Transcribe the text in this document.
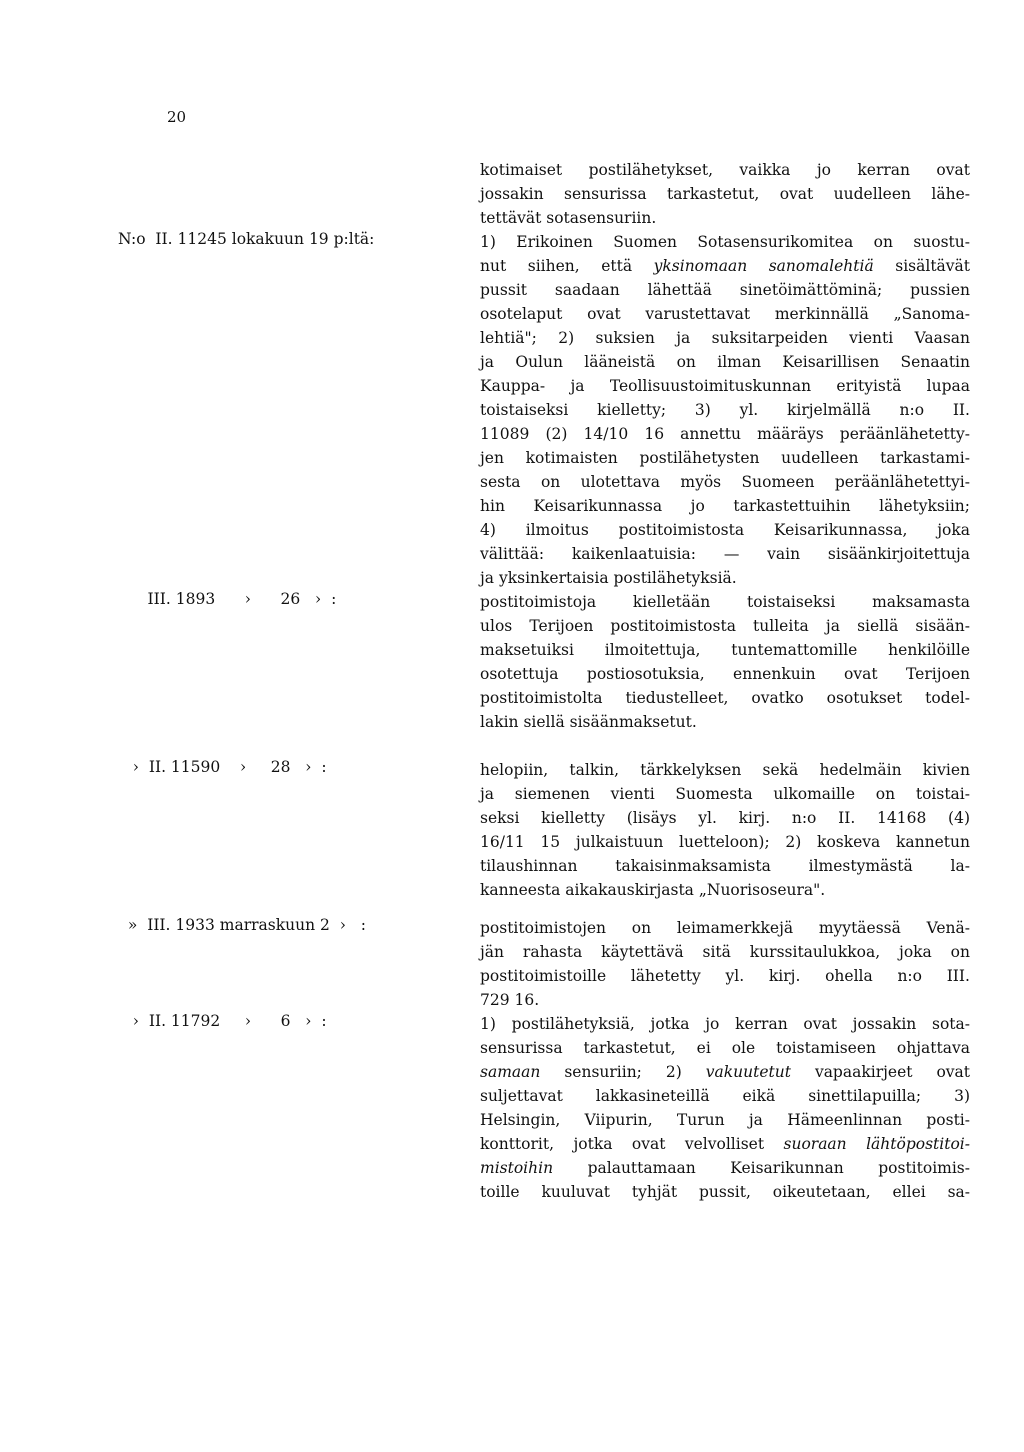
20
kotimaiset postilähetykset, vaikka jo kerran ovat
jossakin sensurissa tarkastetut, ovat uudelleen lähe-
tettävät sotasensuriin.
N:o  II. 11245 lokakuun 19 p:ltä:	1) Erikoinen Suomen Sotasensurikomitea on suostu-
nut siihen, että yksinomaan sanomalehtiä sisältävät
pussit saadaan lähettää sinetöimättöminä; pussien
osotelaput ovat varustettavat merkinnällä „Sanoma-
lehtiä"; 2) suksien ja suksitarpeiden vienti Vaasan
ja Oulun lääneistä on ilman Keisarillisen Senaatin
Kauppa- ja Teollisuustoimituskunnan erityistä lupaa
toistaiseksi kielletty; 3) yl. kirjelmällä n:o II.
11089 (2) 14/10 16 annettu määräys peräänlähetetty-
jen kotimaisten postilähetysten uudelleen tarkastami-
sesta on ulotettava myös Suomeen peräänlähetettyi-
hin Keisarikunnassa jo tarkastettuihin lähetyksiin;
4) ilmoitus postitoimistosta Keisarikunnassa, joka
välittää: kaikenlaatuisia: — vain sisäänkirjoitettuja
ja yksinkertaisia postilähetyksiä.
III. 1893      ›      26   ›  :	postitoimistoja kielletään toistaiseksi maksamasta
ulos Terijoen postitoimistosta tulleita ja siellä sisään-
maksetuiksi ilmoitettuja, tuntemattomille henkilöille
osotettuja postiosotuksia, ennenkuin ovat Terijoen
postitoimistolta tiedustelleet, ovatko osotukset todel-
lakin siellä sisäänmaksetut.
›  II. 11590    ›     28   ›  :	helopiin, talkin, tärkkelyksen sekä hedelmäin kivien
ja siemenen vienti Suomesta ulkomaille on toistai-
seksi kielletty (lisäys yl. kirj. n:o II. 14168 (4)
16/11 15 julkaistuun luetteloon); 2) koskeva kannetun
tilaushinnan takaisinmaksamista ilmestymästä la-
kanneesta aikakauskirjasta „Nuorisoseura".
»  III. 1933 marraskuun 2  ›   :	postitoimistojen on leimamerkkejä myytäessä Venä-
jän rahasta käytettävä sitä kurssitaulukkoa, joka on
postitoimistoille lähetetty yl. kirj. ohella n:o III.
729 16.
›  II. 11792     ›      6   ›  :	1) postilähetyksiä, jotka jo kerran ovat jossakin sota-
sensurissa tarkastetut, ei ole toistamiseen ohjattava
samaan sensuriin; 2) vakuutetut vapaakirjeet ovat
suljettavat lakkasineteillä eikä sinettilapuilla; 3)
Helsingin, Viipurin, Turun ja Hämeenlinnan posti-
konttorit, jotka ovat velvolliset suoraan lähtöpostitoi-
mistoihin palauttamaan Keisarikunnan postitoimis-
toille kuuluvat tyhjät pussit, oikeutetaan, ellei sa-
